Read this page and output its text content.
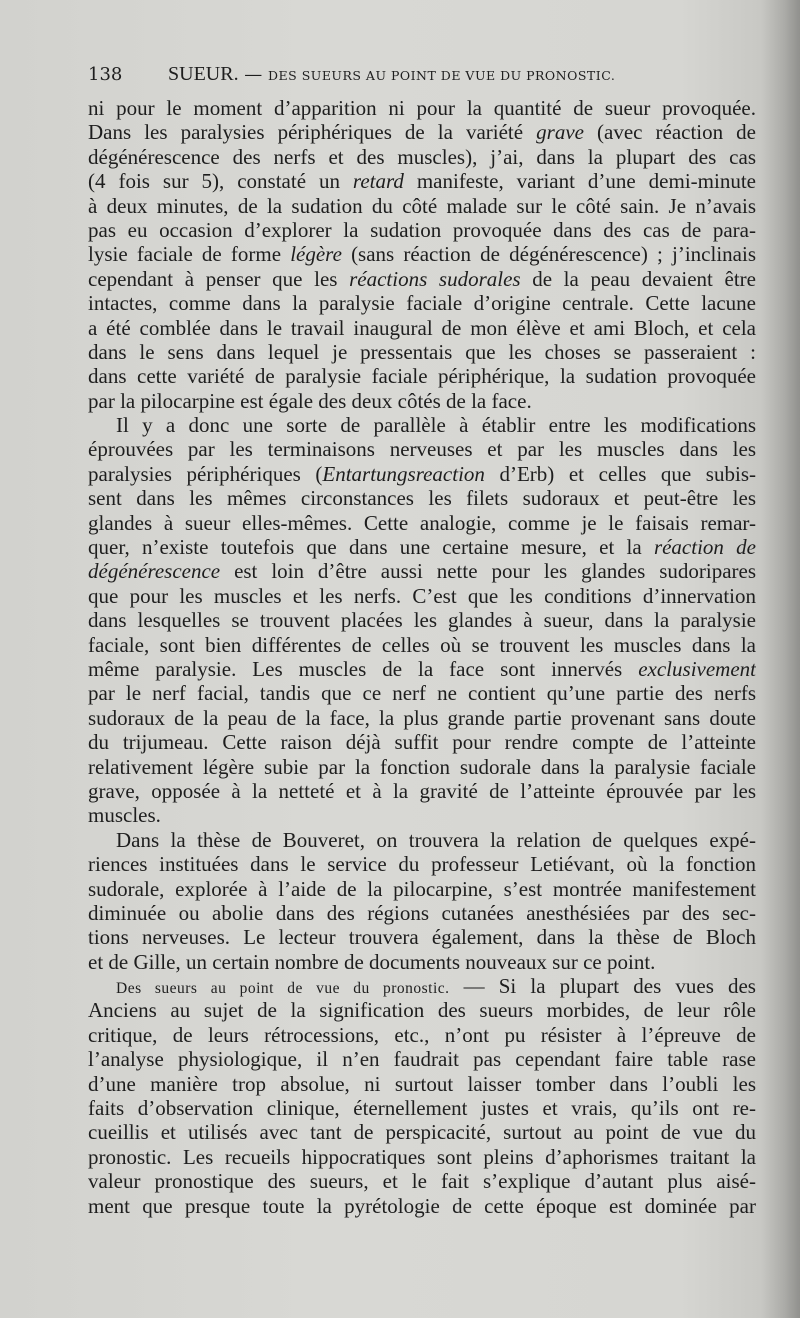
138 SUEUR. — DES SUEURS AU POINT DE VUE DU PRONOSTIC.
ni pour le moment d’apparition ni pour la quantité de sueur provoquée.
Dans les paralysies périphériques de la variété grave (avec réaction de
dégénérescence des nerfs et des muscles), j’ai, dans la plupart des cas
(4 fois sur 5), constaté un retard manifeste, variant d’une demi-minute
à deux minutes, de la sudation du côté malade sur le côté sain. Je n’avais
pas eu occasion d’explorer la sudation provoquée dans des cas de para-
lysie faciale de forme légère (sans réaction de dégénérescence) ; j’inclinais
cependant à penser que les réactions sudorales de la peau devaient être
intactes, comme dans la paralysie faciale d’origine centrale. Cette lacune
a été comblée dans le travail inaugural de mon élève et ami Bloch, et cela
dans le sens dans lequel je pressentais que les choses se passeraient :
dans cette variété de paralysie faciale périphérique, la sudation provoquée
par la pilocarpine est égale des deux côtés de la face.
Il y a donc une sorte de parallèle à établir entre les modifications
éprouvées par les terminaisons nerveuses et par les muscles dans les
paralysies périphériques (Entartungsreaction d’Erb) et celles que subis-
sent dans les mêmes circonstances les filets sudoraux et peut-être les
glandes à sueur elles-mêmes. Cette analogie, comme je le faisais remar-
quer, n’existe toutefois que dans une certaine mesure, et la réaction de
dégénérescence est loin d’être aussi nette pour les glandes sudoripares
que pour les muscles et les nerfs. C’est que les conditions d’innervation
dans lesquelles se trouvent placées les glandes à sueur, dans la paralysie
faciale, sont bien différentes de celles où se trouvent les muscles dans la
même paralysie. Les muscles de la face sont innervés exclusivement
par le nerf facial, tandis que ce nerf ne contient qu’une partie des nerfs
sudoraux de la peau de la face, la plus grande partie provenant sans doute
du trijumeau. Cette raison déjà suffit pour rendre compte de l’atteinte
relativement légère subie par la fonction sudorale dans la paralysie faciale
grave, opposée à la netteté et à la gravité de l’atteinte éprouvée par les
muscles.
Dans la thèse de Bouveret, on trouvera la relation de quelques expé-
riences instituées dans le service du professeur Letiévant, où la fonction
sudorale, explorée à l’aide de la pilocarpine, s’est montrée manifestement
diminuée ou abolie dans des régions cutanées anesthésiées par des sec-
tions nerveuses. Le lecteur trouvera également, dans la thèse de Bloch
et de Gille, un certain nombre de documents nouveaux sur ce point.
Des sueurs au point de vue du pronostic. — Si la plupart des vues des
Anciens au sujet de la signification des sueurs morbides, de leur rôle
critique, de leurs rétrocessions, etc., n’ont pu résister à l’épreuve de
l’analyse physiologique, il n’en faudrait pas cependant faire table rase
d’une manière trop absolue, ni surtout laisser tomber dans l’oubli les
faits d’observation clinique, éternellement justes et vrais, qu’ils ont re-
cueillis et utilisés avec tant de perspicacité, surtout au point de vue du
pronostic. Les recueils hippocratiques sont pleins d’aphorismes traitant la
valeur pronostique des sueurs, et le fait s’explique d’autant plus aisé-
ment que presque toute la pyrétologie de cette époque est dominée par
